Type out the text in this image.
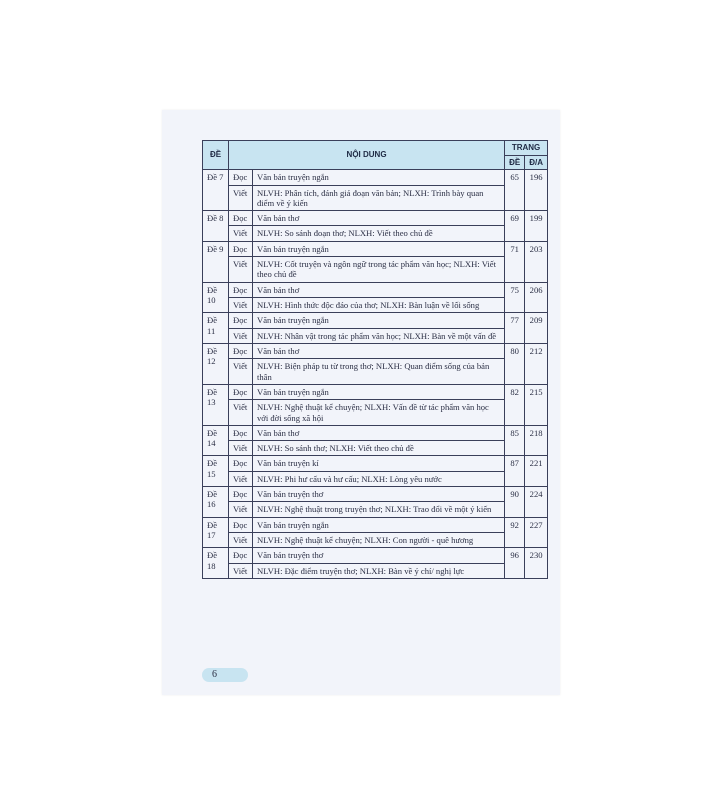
ĐỀ	NỘI DUNG		TRANG	
			ĐỀ	Đ/A
Đề 7	Đọc	Văn bản truyện ngắn	65	196
	Viết	NLVH: Phân tích, đánh giá đoạn văn bản; NLXH: Trình bày quan điểm về ý kiến		
Đề 8	Đọc	Văn bản thơ	69	199
	Viết	NLVH: So sánh đoạn thơ; NLXH: Viết theo chủ đề		
Đề 9	Đọc	Văn bản truyện ngắn	71	203
	Viết	NLVH: Cốt truyện và ngôn ngữ trong tác phẩm văn học; NLXH: Viết theo chủ đề		
Đề 10	Đọc	Văn bản thơ	75	206
	Viết	NLVH: Hình thức độc đáo của thơ; NLXH: Bàn luận về lối sống		
Đề 11	Đọc	Văn bản truyện ngắn	77	209
	Viết	NLVH: Nhân vật trong tác phẩm văn học; NLXH: Bàn về một vấn đề		
Đề 12	Đọc	Văn bản thơ	80	212
	Viết	NLVH: Biện pháp tu từ trong thơ; NLXH: Quan điểm sống của bản thân		
Đề 13	Đọc	Văn bản truyện ngắn	82	215
	Viết	NLVH: Nghệ thuật kể chuyện; NLXH: Vấn đề từ tác phẩm văn học với đời sống xã hội		
Đề 14	Đọc	Văn bản thơ	85	218
	Viết	NLVH: So sánh thơ; NLXH: Viết theo chủ đề		
Đề 15	Đọc	Văn bản truyện kí	87	221
	Viết	NLVH: Phi hư cấu và hư cấu; NLXH: Lòng yêu nước		
Đề 16	Đọc	Văn bản truyện thơ	90	224
	Viết	NLVH: Nghệ thuật trong truyện thơ; NLXH: Trao đổi về một ý kiến		
Đề 17	Đọc	Văn bản truyện ngắn	92	227
	Viết	NLVH: Nghệ thuật kể chuyện; NLXH: Con người - quê hương		
Đề 18	Đọc	Văn bản truyện thơ	96	230
	Viết	NLVH: Đặc điểm truyện thơ; NLXH: Bàn về ý chí/ nghị lực		
6
